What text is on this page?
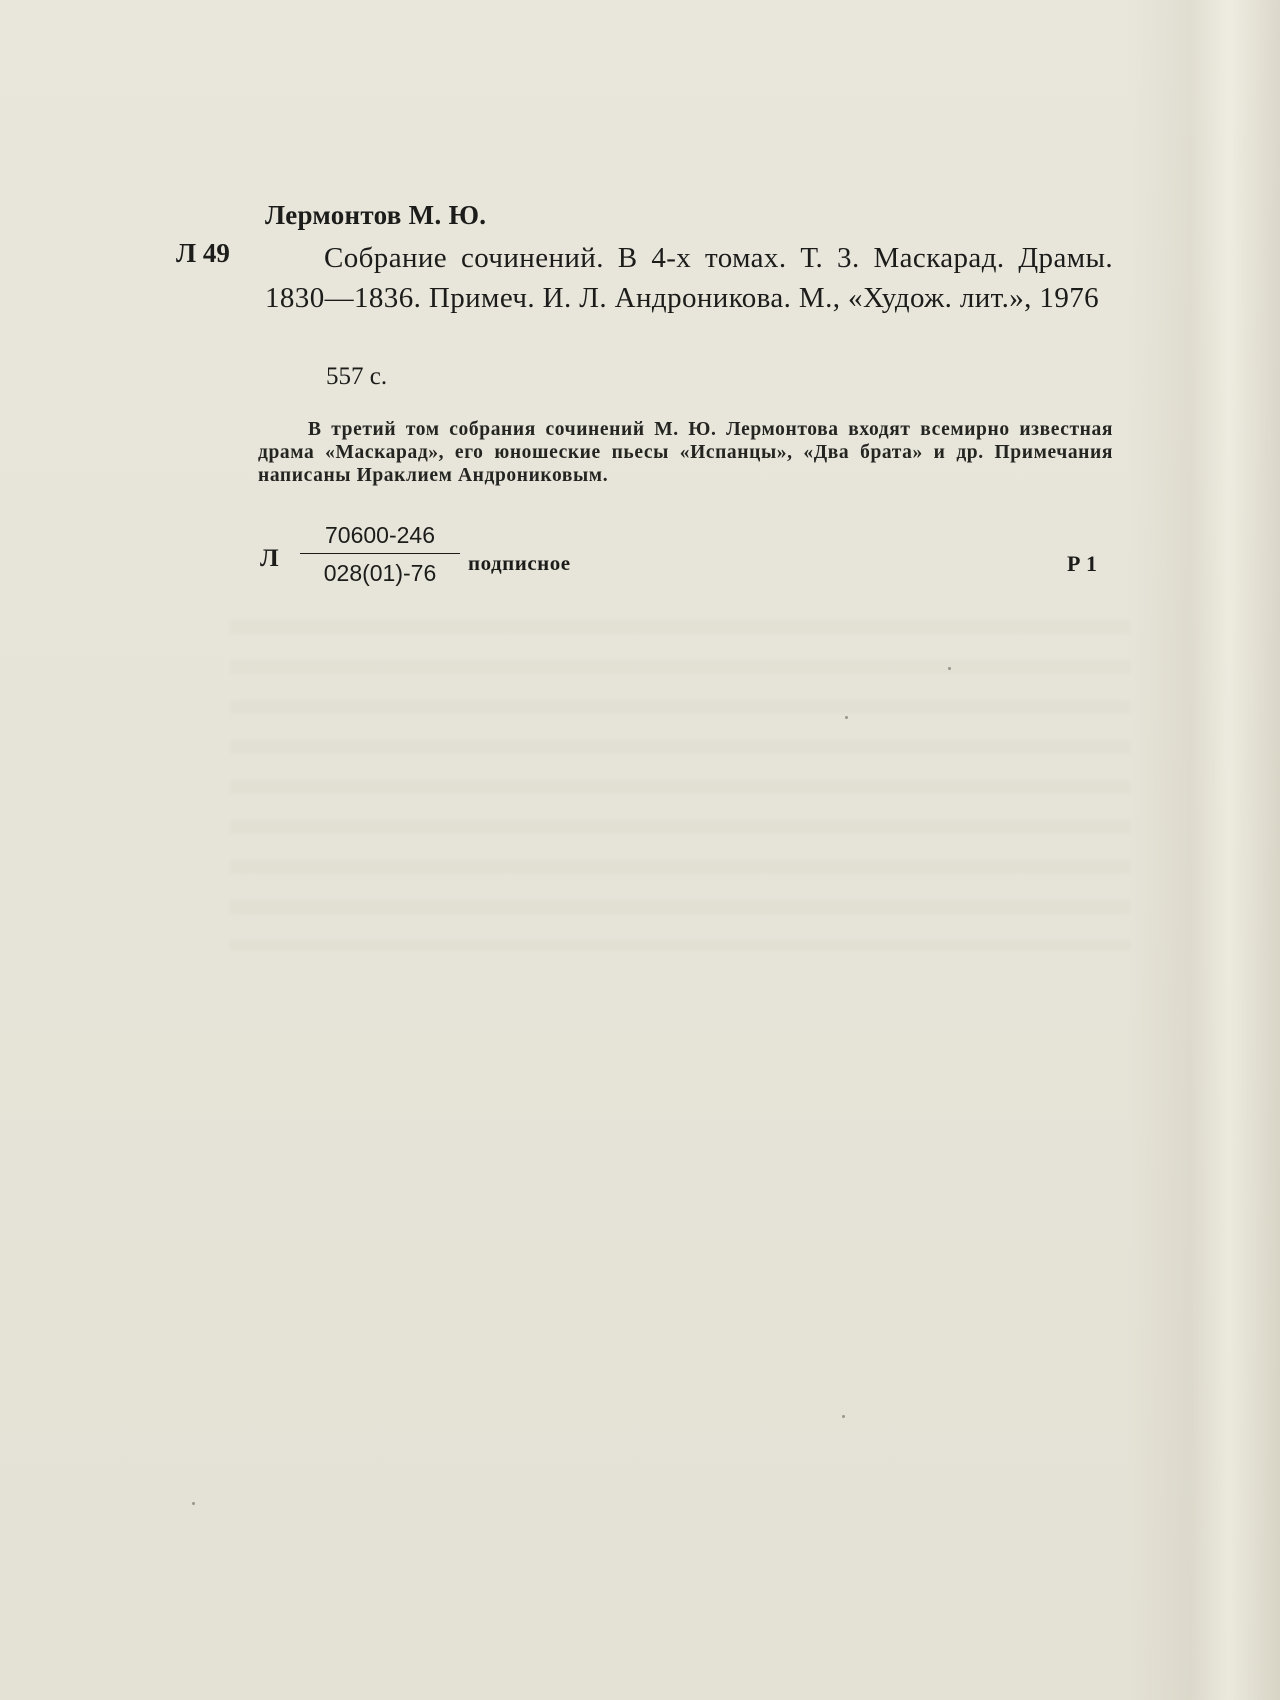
Лермонтов М. Ю.
Л 49	Собрание сочинений. В 4-х томах. Т. 3. Маскарад. Драмы. 1830—1836. Примеч. И. Л. Андроникова. М., «Худож. лит.», 1976
557 с.
В третий том собрания сочинений М. Ю. Лермонтова входят всемирно известная драма «Маскарад», его юношеские пьесы «Испанцы», «Два брата» и др. Примечания написаны Ираклием Андрониковым.
Л
70600-246
028(01)-76	подписное	Р 1
